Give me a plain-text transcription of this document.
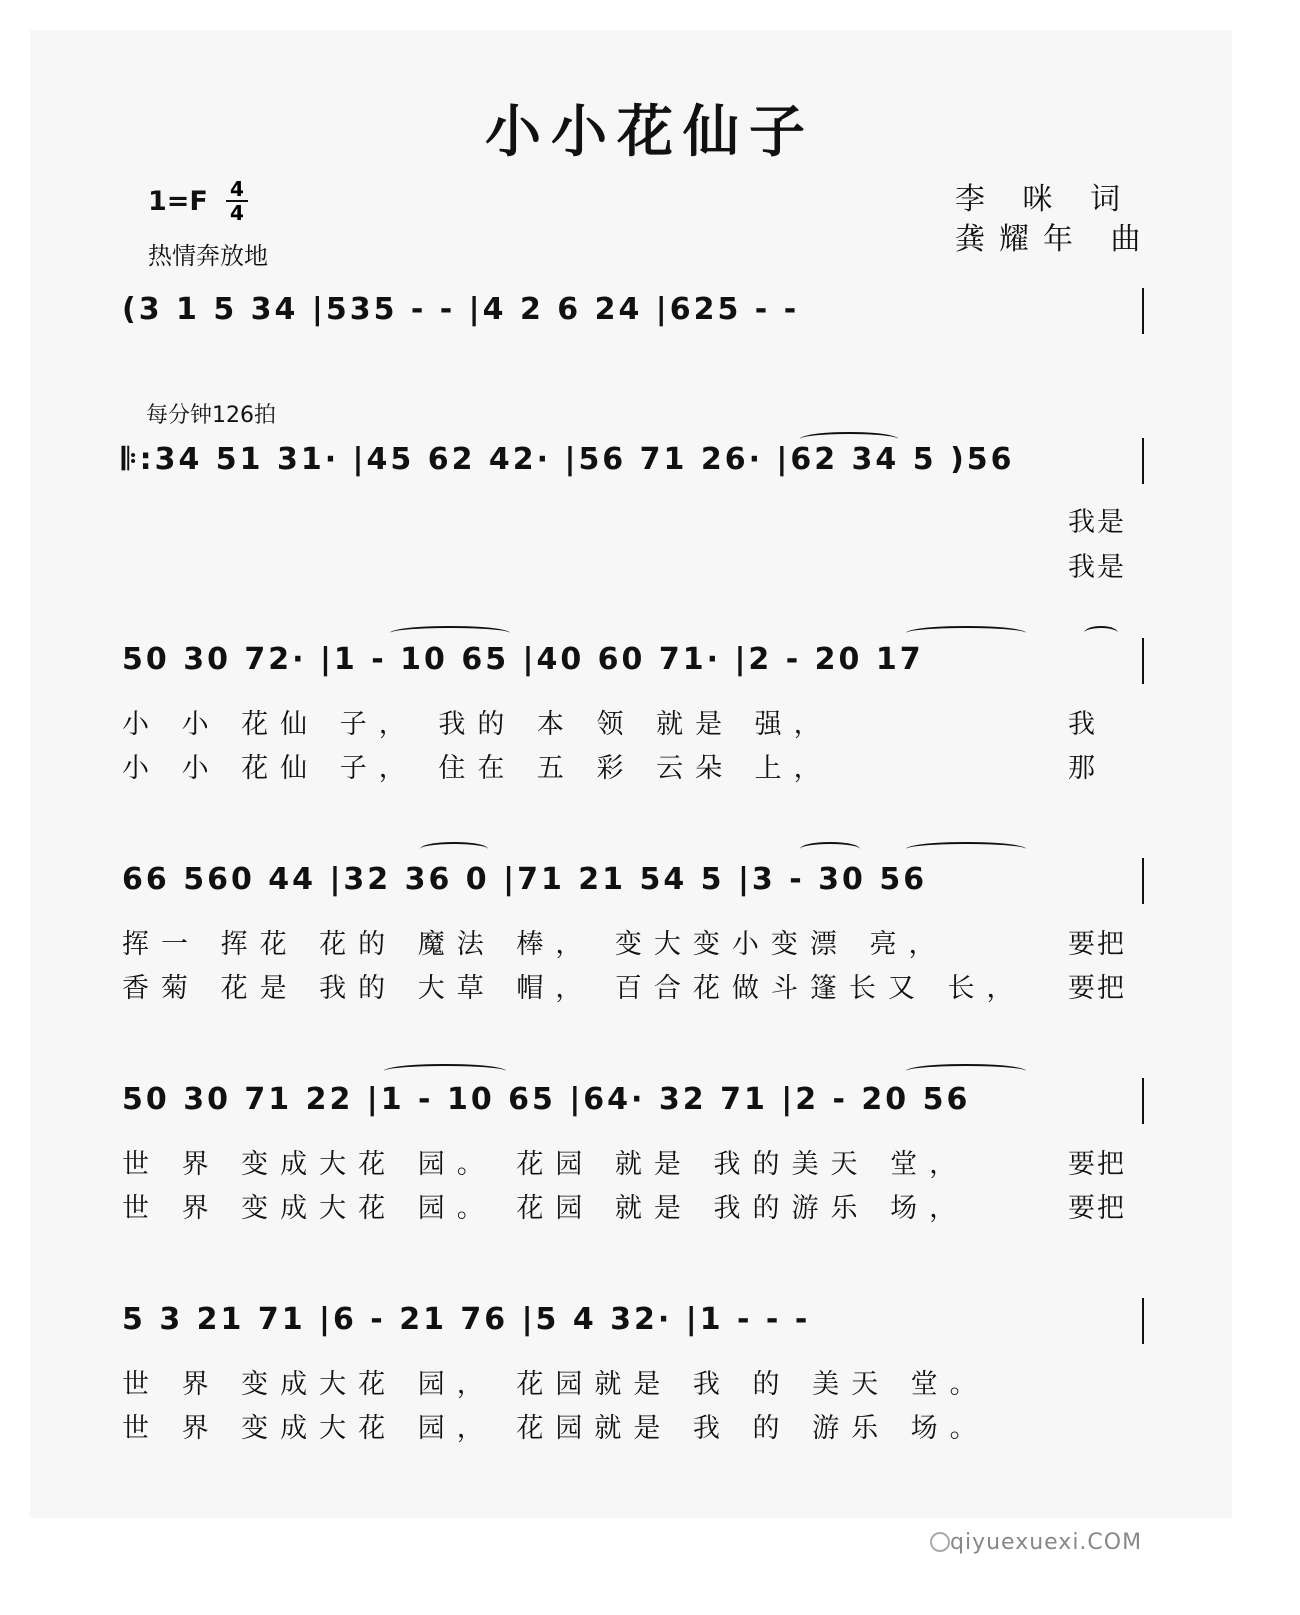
小小花仙子
1=F 4
4
热情奔放地
李 咪 词
龚耀年 曲
(3 1 5 34 |535 - - |4 2 6 24 |625 - -
每分钟126拍
𝄆:34 51 31· |45 62 42· |56 71 26· |62 34 5 )56
我是
我是
50 30 72· |1 - 10 65 |40 60 71· |2 - 20 17
小 小 花仙 子， 我的 本 领 就是 强，	我
小 小 花仙 子， 住在 五 彩 云朵 上，	那
66 560 44 |32 36 0 |71 21 54 5 |3 - 30 56
挥一 挥花 花的 魔法 棒， 变大变小变漂 亮，	要把
香菊 花是 我的 大草 帽， 百合花做斗篷长又 长，	要把
50 30 71 22 |1 - 10 65 |64· 32 71 |2 - 20 56
世 界 变成大花 园。 花园 就是 我的美天 堂，	要把
世 界 变成大花 园。 花园 就是 我的游乐 场，	要把
5 3 21 71 |6 - 21 76 |5 4 32· |1 - - -
世 界 变成大花 园， 花园就是 我 的 美天 堂。
世 界 变成大花 园， 花园就是 我 的 游乐 场。
qiyuexuexi.COM
